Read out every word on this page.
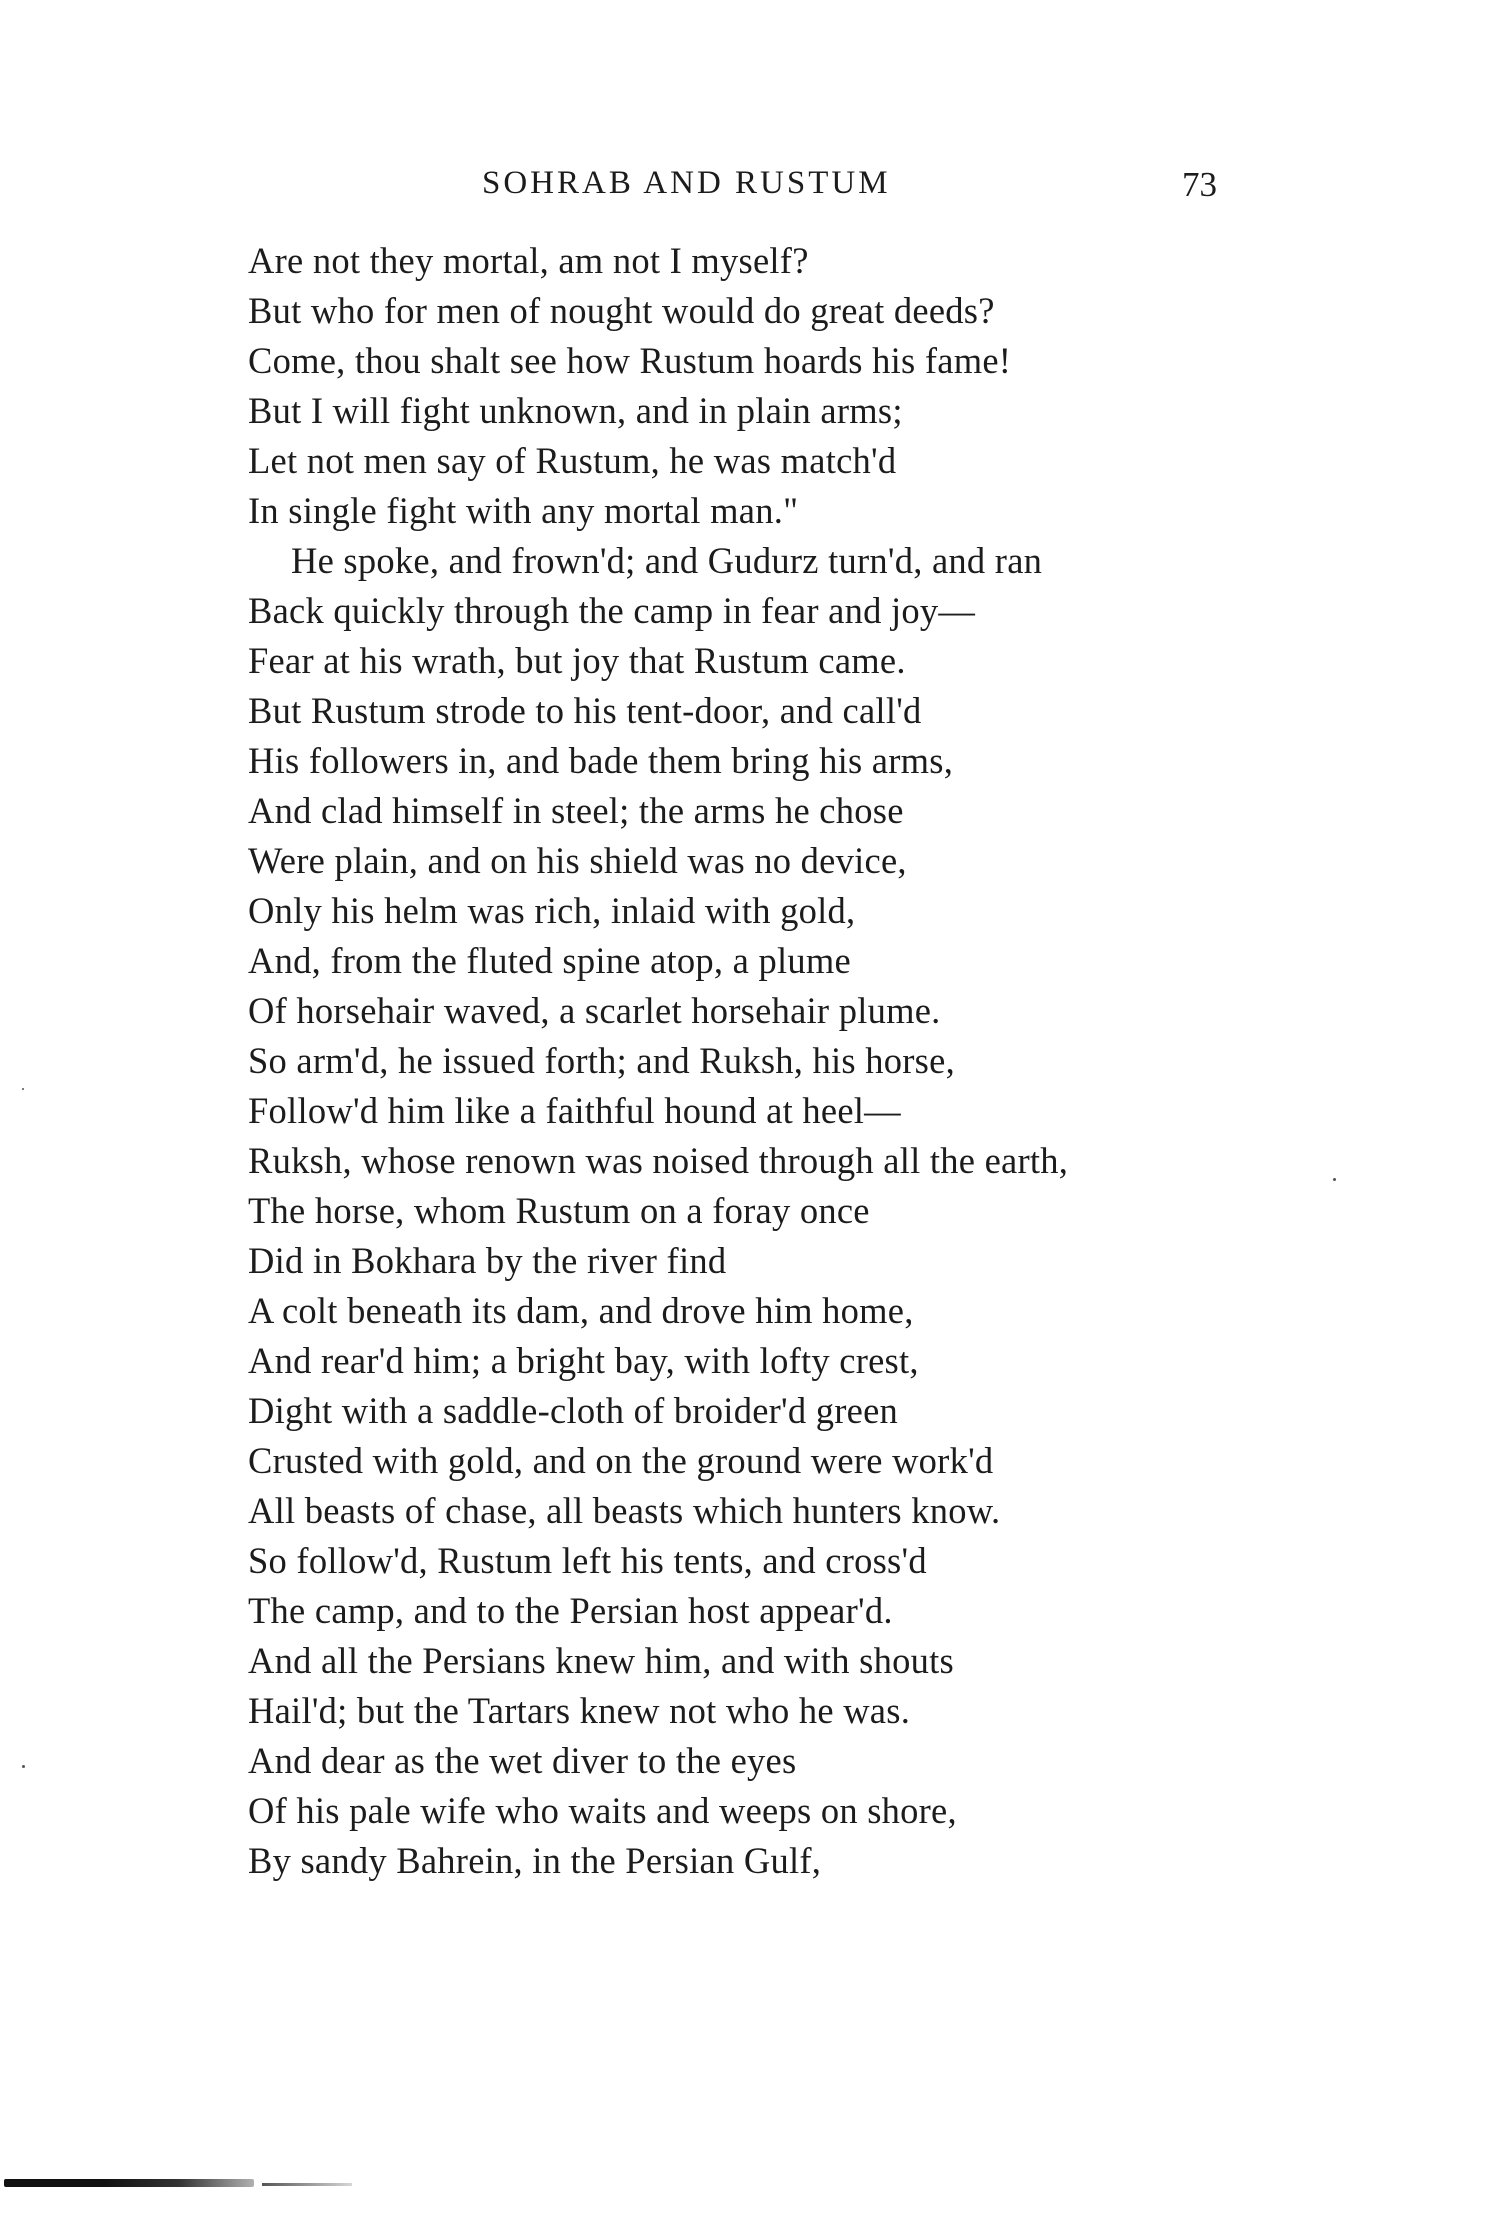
SOHRAB AND RUSTUM	73
Are not they mortal, am not I myself?
But who for men of nought would do great deeds?
Come, thou shalt see how Rustum hoards his fame!
But I will fight unknown, and in plain arms;
Let not men say of Rustum, he was match'd
In single fight with any mortal man."
He spoke, and frown'd; and Gudurz turn'd, and ran
Back quickly through the camp in fear and joy—
Fear at his wrath, but joy that Rustum came.
But Rustum strode to his tent-door, and call'd
His followers in, and bade them bring his arms,
And clad himself in steel; the arms he chose
Were plain, and on his shield was no device,
Only his helm was rich, inlaid with gold,
And, from the fluted spine atop, a plume
Of horsehair waved, a scarlet horsehair plume.
So arm'd, he issued forth; and Ruksh, his horse,
Follow'd him like a faithful hound at heel—
Ruksh, whose renown was noised through all the earth,
The horse, whom Rustum on a foray once
Did in Bokhara by the river find
A colt beneath its dam, and drove him home,
And rear'd him; a bright bay, with lofty crest,
Dight with a saddle-cloth of broider'd green
Crusted with gold, and on the ground were work'd
All beasts of chase, all beasts which hunters know.
So follow'd, Rustum left his tents, and cross'd
The camp, and to the Persian host appear'd.
And all the Persians knew him, and with shouts
Hail'd; but the Tartars knew not who he was.
And dear as the wet diver to the eyes
Of his pale wife who waits and weeps on shore,
By sandy Bahrein, in the Persian Gulf,
